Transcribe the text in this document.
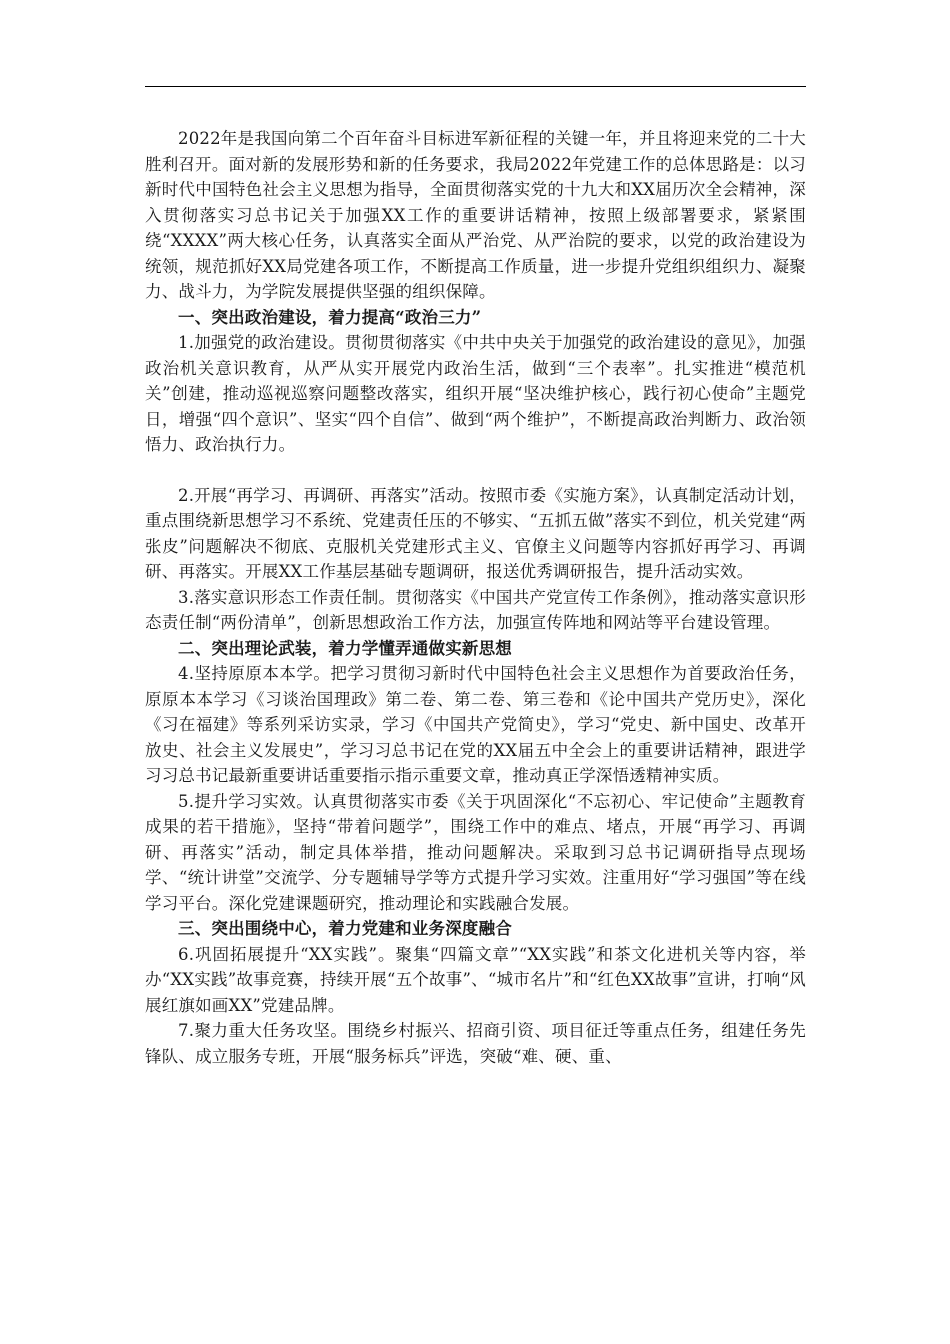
2022年是我国向第二个百年奋斗目标进军新征程的关键一年，并且将迎来党的二十大胜利召开。面对新的发展形势和新的任务要求，我局2022年党建工作的总体思路是：以习新时代中国特色社会主义思想为指导，全面贯彻落实党的十九大和XX届历次全会精神，深入贯彻落实习总书记关于加强XX工作的重要讲话精神，按照上级部署要求，紧紧围绕“XXXX”两大核心任务，认真落实全面从严治党、从严治院的要求，以党的政治建设为统领，规范抓好XX局党建各项工作，不断提高工作质量，进一步提升党组织组织力、凝聚力、战斗力，为学院发展提供坚强的组织保障。

一、突出政治建设，着力提高“政治三力”

1.加强党的政治建设。贯彻贯彻落实《中共中央关于加强党的政治建设的意见》，加强政治机关意识教育，从严从实开展党内政治生活，做到“三个表率”。扎实推进“模范机关”创建，推动巡视巡察问题整改落实，组织开展“坚决维护核心，践行初心使命”主题党日，增强“四个意识”、坚实“四个自信”、做到“两个维护”，不断提高政治判断力、政治领悟力、政治执行力。

2.开展“再学习、再调研、再落实”活动。按照市委《实施方案》，认真制定活动计划，重点围绕新思想学习不系统、党建责任压的不够实、“五抓五做”落实不到位，机关党建“两张皮”问题解决不彻底、克服机关党建形式主义、官僚主义问题等内容抓好再学习、再调研、再落实。开展XX工作基层基础专题调研，报送优秀调研报告，提升活动实效。

3.落实意识形态工作责任制。贯彻落实《中国共产党宣传工作条例》，推动落实意识形态责任制“两份清单”，创新思想政治工作方法，加强宣传阵地和网站等平台建设管理。

二、突出理论武装，着力学懂弄通做实新思想

4.坚持原原本本学。把学习贯彻习新时代中国特色社会主义思想作为首要政治任务，原原本本学习《习谈治国理政》第二卷、第二卷、第三卷和《论中国共产党历史》，深化《习在福建》等系列采访实录，学习《中国共产党简史》，学习“党史、新中国史、改革开放史、社会主义发展史”，学习习总书记在党的XX届五中全会上的重要讲话精神，跟进学习习总书记最新重要讲话重要指示指示重要文章，推动真正学深悟透精神实质。

5.提升学习实效。认真贯彻落实市委《关于巩固深化“不忘初心、牢记使命”主题教育成果的若干措施》，坚持“带着问题学”，围绕工作中的难点、堵点，开展“再学习、再调研、再落实”活动，制定具体举措，推动问题解决。采取到习总书记调研指导点现场学、“统计讲堂”交流学、分专题辅导学等方式提升学习实效。注重用好“学习强国”等在线学习平台。深化党建课题研究，推动理论和实践融合发展。

三、突出围绕中心，着力党建和业务深度融合

6.巩固拓展提升“XX实践”。聚集“四篇文章”“XX实践”和茶文化进机关等内容，举办“XX实践”故事竞赛，持续开展“五个故事”、“城市名片”和“红色XX故事”宣讲，打响“风展红旗如画XX”党建品牌。

7.聚力重大任务攻坚。围绕乡村振兴、招商引资、项目征迁等重点任务，组建任务先锋队、成立服务专班，开展“服务标兵”评选，突破“难、硬、重、
